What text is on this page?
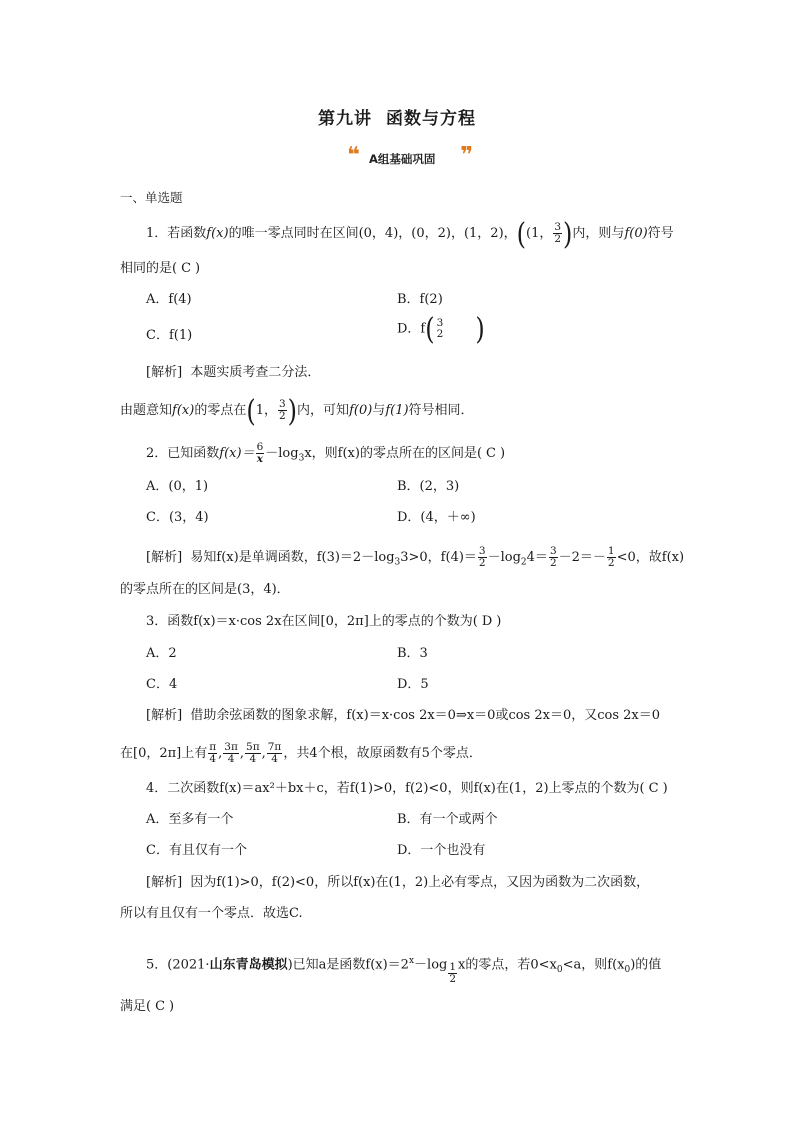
第九讲 函数与方程
❝ A组基础巩固 ❞
一、单选题
1．若函数f(x)的唯一零点同时在区间(0，4)，(0，2)，(1，2)，((1， $\frac{3}{2}$ )内，则与f(0)符号
相同的是( C )
A．f(4)	B．f(2)
C．f(1)	D．f( 3
2 )
[解析] 本题实质考查二分法．
由题意知f(x)的零点在(1， $\frac{3}{2}$ )内，可知f(0)与f(1)符号相同．
2．已知函数$f(x)= \frac{6}{x} -\log_3x$，则f(x)的零点所在的区间是( C )
A．(0，1)	B．(2，3)
C．(3，4)	D．(4，＋∞)
[解析] 易知f(x)是单调函数，$f(3)=2-\log_33>0$，$f(4)= \frac{3}{2} -\log_24= \frac{3}{2} -2=- \frac{1}{2} <0$，故f(x)
的零点所在的区间是(3，4)．
3．函数f(x)＝x·cos 2x在区间[0，2π]上的零点的个数为( D )
A．2	B．3
C．4	D．5
[解析] 借助余弦函数的图象求解，f(x)＝x·cos 2x＝0⇒x＝0或cos 2x＝0，又cos 2x＝0
在[0，2π]上有 $\frac{\pi}{4}$ , $\frac{3\pi}{4}$ , $\frac{5\pi}{4}$ , $\frac{7\pi}{4}$ ，共4个根，故原函数有5个零点．
4．二次函数f(x)＝ax²＋bx＋c，若f(1)>0，f(2)<0，则f(x)在(1，2)上零点的个数为( C )
A．至多有一个	B．有一个或两个
C．有且仅有一个	D．一个也没有
[解析] 因为f(1)>0，f(2)<0，所以f(x)在(1，2)上必有零点，又因为函数为二次函数，
所以有且仅有一个零点．故选C.
5．(2021·山东青岛模拟)已知a是函数$f(x)=2^x-\log \frac{1}{2}$ x的零点，若$0<x_0<a$，则$f(x_0)$的值
满足( C )
